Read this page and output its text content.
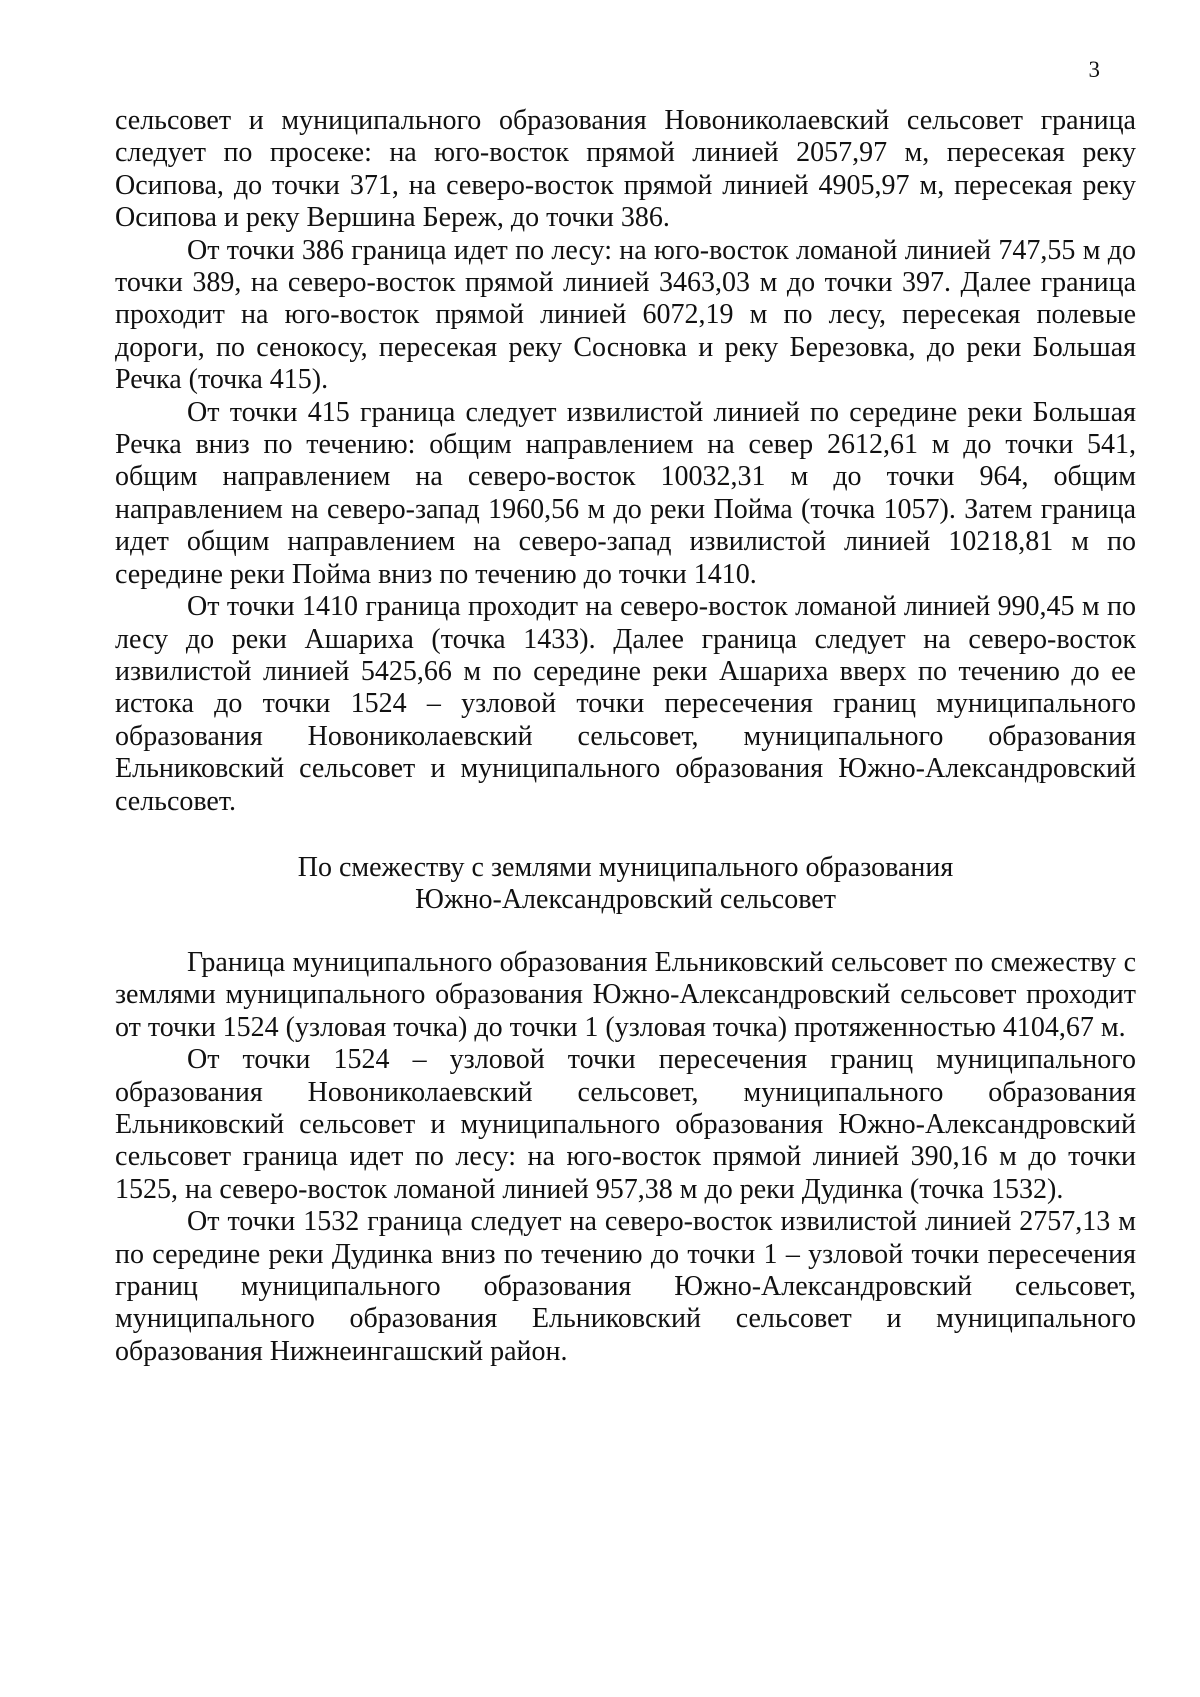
3

сельсовет и муниципального образования Новониколаевский сельсовет граница следует по просеке: на юго-восток прямой линией 2057,97 м, пересекая реку Осипова, до точки 371, на северо-восток прямой линией 4905,97 м, пересекая реку Осипова и реку Вершина Береж, до точки 386.

От точки 386 граница идет по лесу: на юго-восток ломаной линией 747,55 м до точки 389, на северо-восток прямой линией 3463,03 м до точки 397. Далее граница проходит на юго-восток прямой линией 6072,19 м по лесу, пересекая полевые дороги, по сенокосу, пересекая реку Сосновка и реку Березовка, до реки Большая Речка (точка 415).

От точки 415 граница следует извилистой линией по середине реки Большая Речка вниз по течению: общим направлением на север 2612,61 м до точки 541, общим направлением на северо-восток 10032,31 м до точки 964, общим направлением на северо-запад 1960,56 м до реки Пойма (точка 1057). Затем граница идет общим направлением на северо-запад извилистой линией 10218,81 м по середине реки Пойма вниз по течению до точки 1410.

От точки 1410 граница проходит на северо-восток ломаной линией 990,45 м по лесу до реки Ашариха (точка 1433). Далее граница следует на северо-восток извилистой линией 5425,66 м по середине реки Ашариха вверх по течению до ее истока до точки 1524 – узловой точки пересечения границ муниципального образования Новониколаевский сельсовет, муниципального образования Ельниковский сельсовет и муниципального образования Южно-Александровский сельсовет.

По смежеству с землями муниципального образования
Южно-Александровский сельсовет

Граница муниципального образования Ельниковский сельсовет по смежеству с землями муниципального образования Южно-Александровский сельсовет проходит от точки 1524 (узловая точка) до точки 1 (узловая точка) протяженностью 4104,67 м.

От точки 1524 – узловой точки пересечения границ муниципального образования Новониколаевский сельсовет, муниципального образования Ельниковский сельсовет и муниципального образования Южно-Александровский сельсовет граница идет по лесу: на юго-восток прямой линией 390,16 м до точки 1525, на северо-восток ломаной линией 957,38 м до реки Дудинка (точка 1532).

От точки 1532 граница следует на северо-восток извилистой линией 2757,13 м по середине реки Дудинка вниз по течению до точки 1 – узловой точки пересечения границ муниципального образования Южно-Александровский сельсовет, муниципального образования Ельниковский сельсовет и муниципального образования Нижнеингашский район.
